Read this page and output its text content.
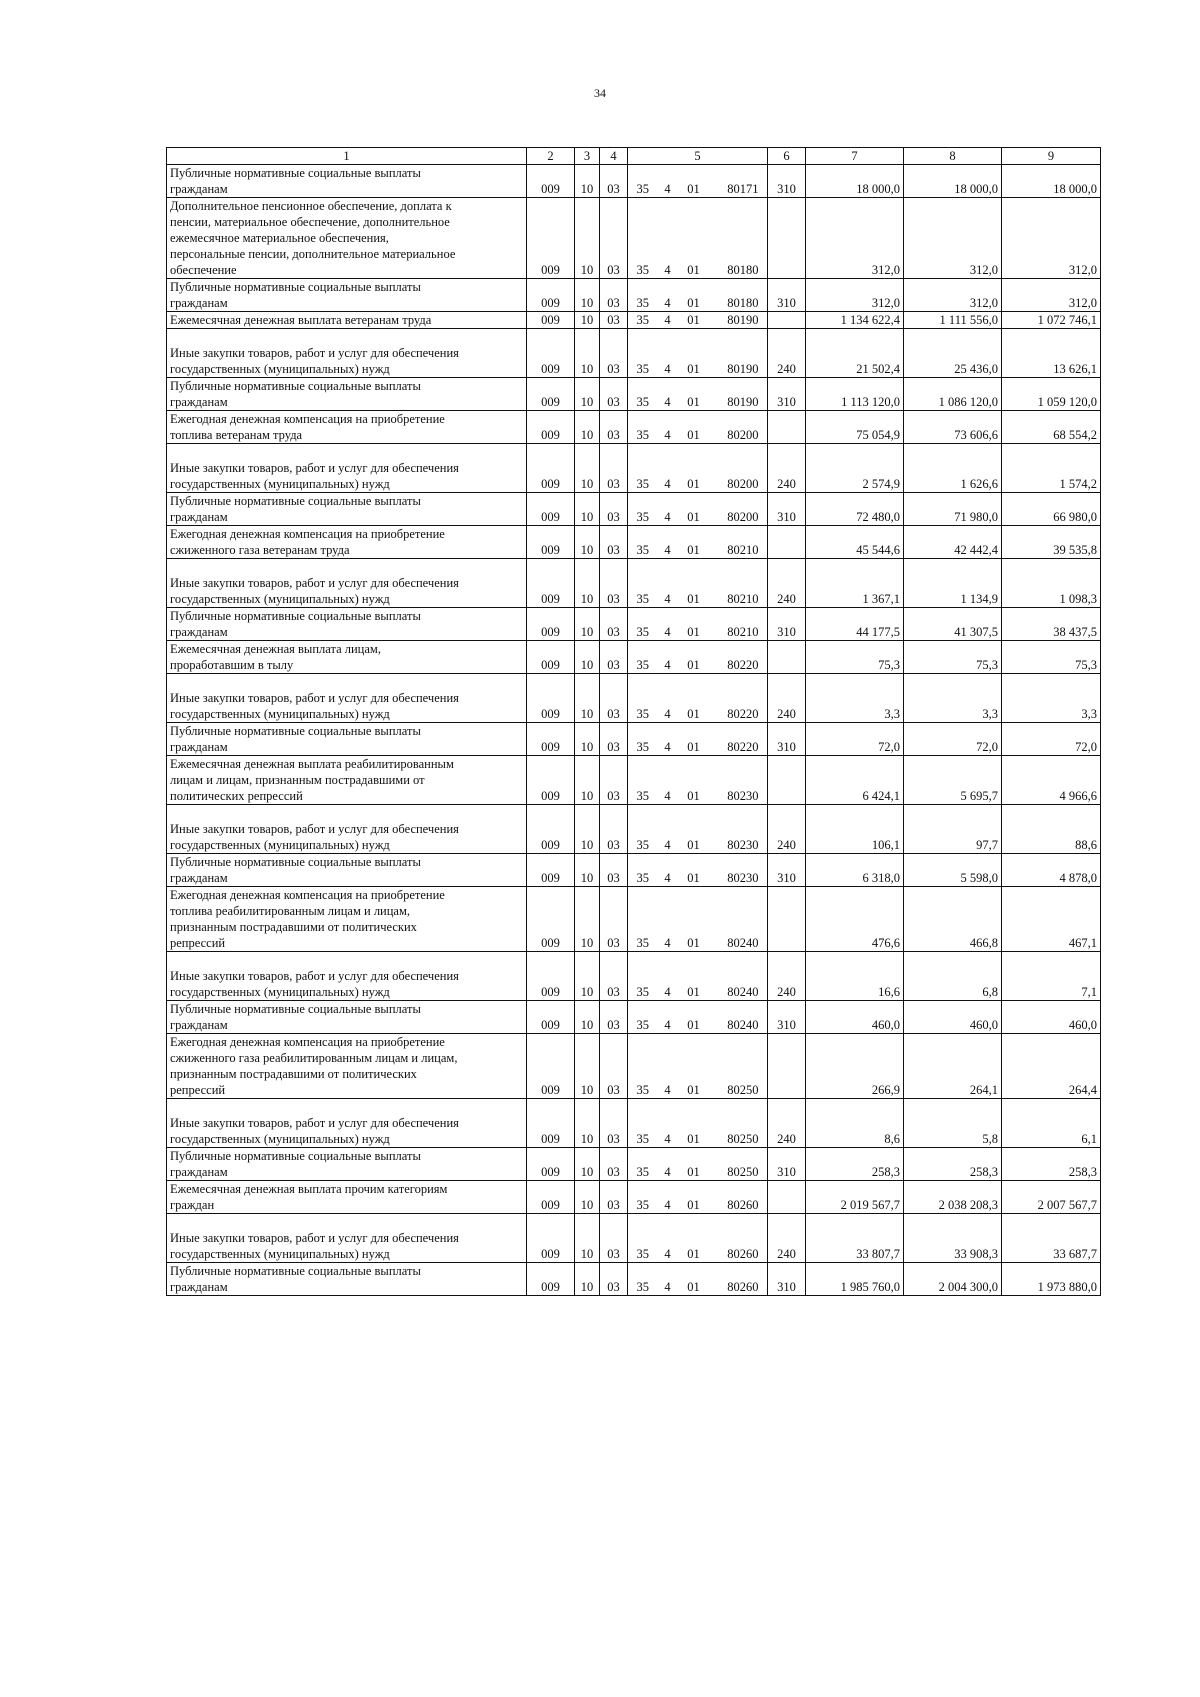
34
1	2	3	4	5	6	7	8	9

Публичные нормативные социальные выплаты
гражданам	009	10	03	35 4 01 80171	310	18 000,0	18 000,0	18 000,0

Дополнительное пенсионное обеспечение, доплата к
пенсии, материальное обеспечение, дополнительное
ежемесячное материальное обеспечения,
персональные пенсии, дополнительное материальное
обеспечение	009	10	03	35 4 01 80180		312,0	312,0	312,0

Публичные нормативные социальные выплаты
гражданам	009	10	03	35 4 01 80180	310	312,0	312,0	312,0

Ежемесячная денежная выплата ветеранам труда	009	10	03	35 4 01 80190		1 134 622,4	1 111 556,0	1 072 746,1

Иные закупки товаров, работ и услуг для обеспечения
государственных (муниципальных) нужд	009	10	03	35 4 01 80190	240	21 502,4	25 436,0	13 626,1

Публичные нормативные социальные выплаты
гражданам	009	10	03	35 4 01 80190	310	1 113 120,0	1 086 120,0	1 059 120,0

Ежегодная денежная компенсация на приобретение
топлива ветеранам труда	009	10	03	35 4 01 80200		75 054,9	73 606,6	68 554,2

Иные закупки товаров, работ и услуг для обеспечения
государственных (муниципальных) нужд	009	10	03	35 4 01 80200	240	2 574,9	1 626,6	1 574,2

Публичные нормативные социальные выплаты
гражданам	009	10	03	35 4 01 80200	310	72 480,0	71 980,0	66 980,0

Ежегодная денежная компенсация на приобретение
сжиженного газа ветеранам труда	009	10	03	35 4 01 80210		45 544,6	42 442,4	39 535,8

Иные закупки товаров, работ и услуг для обеспечения
государственных (муниципальных) нужд	009	10	03	35 4 01 80210	240	1 367,1	1 134,9	1 098,3

Публичные нормативные социальные выплаты
гражданам	009	10	03	35 4 01 80210	310	44 177,5	41 307,5	38 437,5

Ежемесячная денежная выплата лицам,
проработавшим в тылу	009	10	03	35 4 01 80220		75,3	75,3	75,3

Иные закупки товаров, работ и услуг для обеспечения
государственных (муниципальных) нужд	009	10	03	35 4 01 80220	240	3,3	3,3	3,3

Публичные нормативные социальные выплаты
гражданам	009	10	03	35 4 01 80220	310	72,0	72,0	72,0

Ежемесячная денежная выплата реабилитированным
лицам и лицам, признанным пострадавшими от
политических репрессий	009	10	03	35 4 01 80230		6 424,1	5 695,7	4 966,6

Иные закупки товаров, работ и услуг для обеспечения
государственных (муниципальных) нужд	009	10	03	35 4 01 80230	240	106,1	97,7	88,6

Публичные нормативные социальные выплаты
гражданам	009	10	03	35 4 01 80230	310	6 318,0	5 598,0	4 878,0

Ежегодная денежная компенсация на приобретение
топлива реабилитированным лицам и лицам,
признанным пострадавшими от политических
репрессий	009	10	03	35 4 01 80240		476,6	466,8	467,1

Иные закупки товаров, работ и услуг для обеспечения
государственных (муниципальных) нужд	009	10	03	35 4 01 80240	240	16,6	6,8	7,1

Публичные нормативные социальные выплаты
гражданам	009	10	03	35 4 01 80240	310	460,0	460,0	460,0

Ежегодная денежная компенсация на приобретение
сжиженного газа реабилитированным лицам и лицам,
признанным пострадавшими от политических
репрессий	009	10	03	35 4 01 80250		266,9	264,1	264,4

Иные закупки товаров, работ и услуг для обеспечения
государственных (муниципальных) нужд	009	10	03	35 4 01 80250	240	8,6	5,8	6,1

Публичные нормативные социальные выплаты
гражданам	009	10	03	35 4 01 80250	310	258,3	258,3	258,3

Ежемесячная денежная выплата прочим категориям
граждан	009	10	03	35 4 01 80260		2 019 567,7	2 038 208,3	2 007 567,7

Иные закупки товаров, работ и услуг для обеспечения
государственных (муниципальных) нужд	009	10	03	35 4 01 80260	240	33 807,7	33 908,3	33 687,7

Публичные нормативные социальные выплаты
гражданам	009	10	03	35 4 01 80260	310	1 985 760,0	2 004 300,0	1 973 880,0
